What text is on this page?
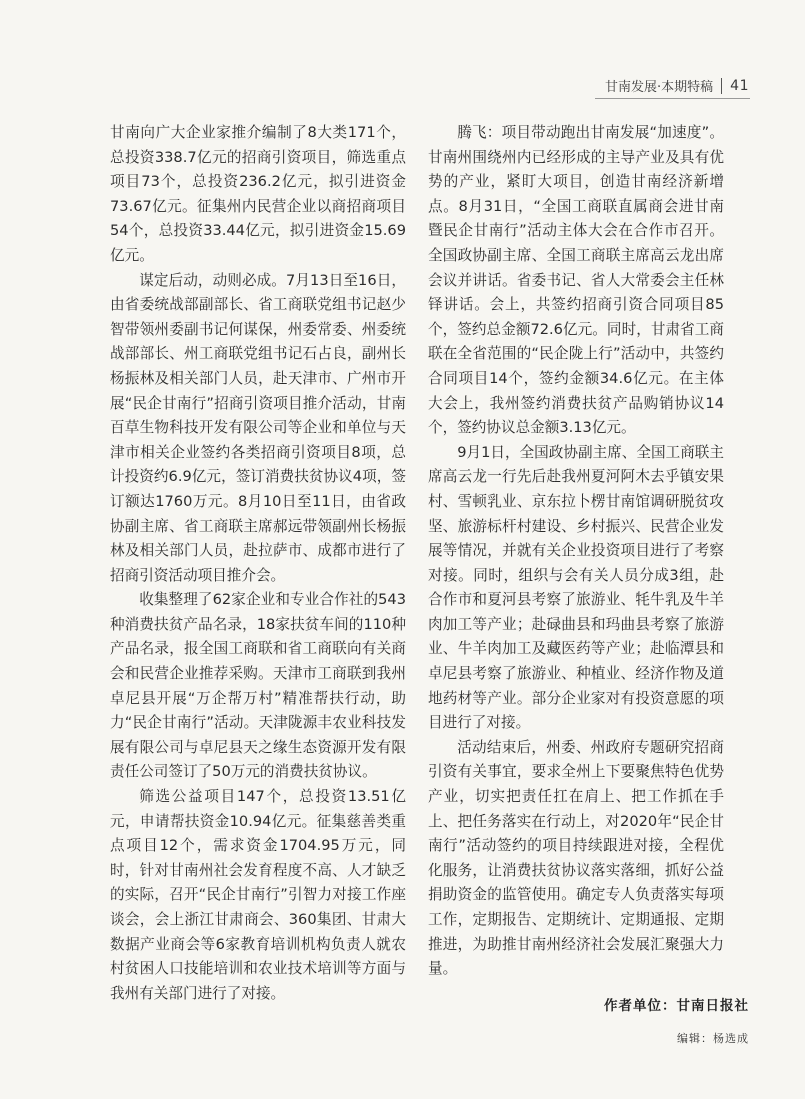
甘南发展·本期特稿 41

甘南向广大企业家推介编制了8大类171个，总投资338.7亿元的招商引资项目，筛选重点项目73个，总投资236.2亿元，拟引进资金73.67亿元。征集州内民营企业以商招商项目54个，总投资33.44亿元，拟引进资金15.69亿元。

谋定后动，动则必成。7月13日至16日，由省委统战部副部长、省工商联党组书记赵少智带领州委副书记何谋保，州委常委、州委统战部部长、州工商联党组书记石占良，副州长杨振林及相关部门人员，赴天津市、广州市开展“民企甘南行”招商引资项目推介活动，甘南百草生物科技开发有限公司等企业和单位与天津市相关企业签约各类招商引资项目8项，总计投资约6.9亿元，签订消费扶贫协议4项，签订额达1760万元。8月10日至11日，由省政协副主席、省工商联主席郝远带领副州长杨振林及相关部门人员，赴拉萨市、成都市进行了招商引资活动项目推介会。

收集整理了62家企业和专业合作社的543种消费扶贫产品名录，18家扶贫车间的110种产品名录，报全国工商联和省工商联向有关商会和民营企业推荐采购。天津市工商联到我州卓尼县开展“万企帮万村”精准帮扶行动，助力“民企甘南行”活动。天津陇源丰农业科技发展有限公司与卓尼县天之缘生态资源开发有限责任公司签订了50万元的消费扶贫协议。

筛选公益项目147个，总投资13.51亿元，申请帮扶资金10.94亿元。征集慈善类重点项目12个，需求资金1704.95万元，同时，针对甘南州社会发育程度不高、人才缺乏的实际，召开“民企甘南行”引智力对接工作座谈会，会上浙江甘肃商会、360集团、甘肃大数据产业商会等6家教育培训机构负责人就农村贫困人口技能培训和农业技术培训等方面与我州有关部门进行了对接。

腾飞：项目带动跑出甘南发展“加速度”。甘南州围绕州内已经形成的主导产业及具有优势的产业，紧盯大项目，创造甘南经济新增点。8月31日，“全国工商联直属商会进甘南暨民企甘南行”活动主体大会在合作市召开。全国政协副主席、全国工商联主席高云龙出席会议并讲话。省委书记、省人大常委会主任林铎讲话。会上，共签约招商引资合同项目85个，签约总金额72.6亿元。同时，甘肃省工商联在全省范围的“民企陇上行”活动中，共签约合同项目14个，签约金额34.6亿元。在主体大会上，我州签约消费扶贫产品购销协议14个，签约协议总金额3.13亿元。

9月1日，全国政协副主席、全国工商联主席高云龙一行先后赴我州夏河阿木去乎镇安果村、雪顿乳业、京东拉卜楞甘南馆调研脱贫攻坚、旅游标杆村建设、乡村振兴、民营企业发展等情况，并就有关企业投资项目进行了考察对接。同时，组织与会有关人员分成3组，赴合作市和夏河县考察了旅游业、牦牛乳及牛羊肉加工等产业；赴碌曲县和玛曲县考察了旅游业、牛羊肉加工及藏医药等产业；赴临潭县和卓尼县考察了旅游业、种植业、经济作物及道地药材等产业。部分企业家对有投资意愿的项目进行了对接。

活动结束后，州委、州政府专题研究招商引资有关事宜，要求全州上下要聚焦特色优势产业，切实把责任扛在肩上、把工作抓在手上、把任务落实在行动上，对2020年“民企甘南行”活动签约的项目持续跟进对接，全程优化服务，让消费扶贫协议落实落细，抓好公益捐助资金的监管使用。确定专人负责落实每项工作，定期报告、定期统计、定期通报、定期推进，为助推甘南州经济社会发展汇聚强大力量。

作者单位：甘南日报社
编辑：杨选成
